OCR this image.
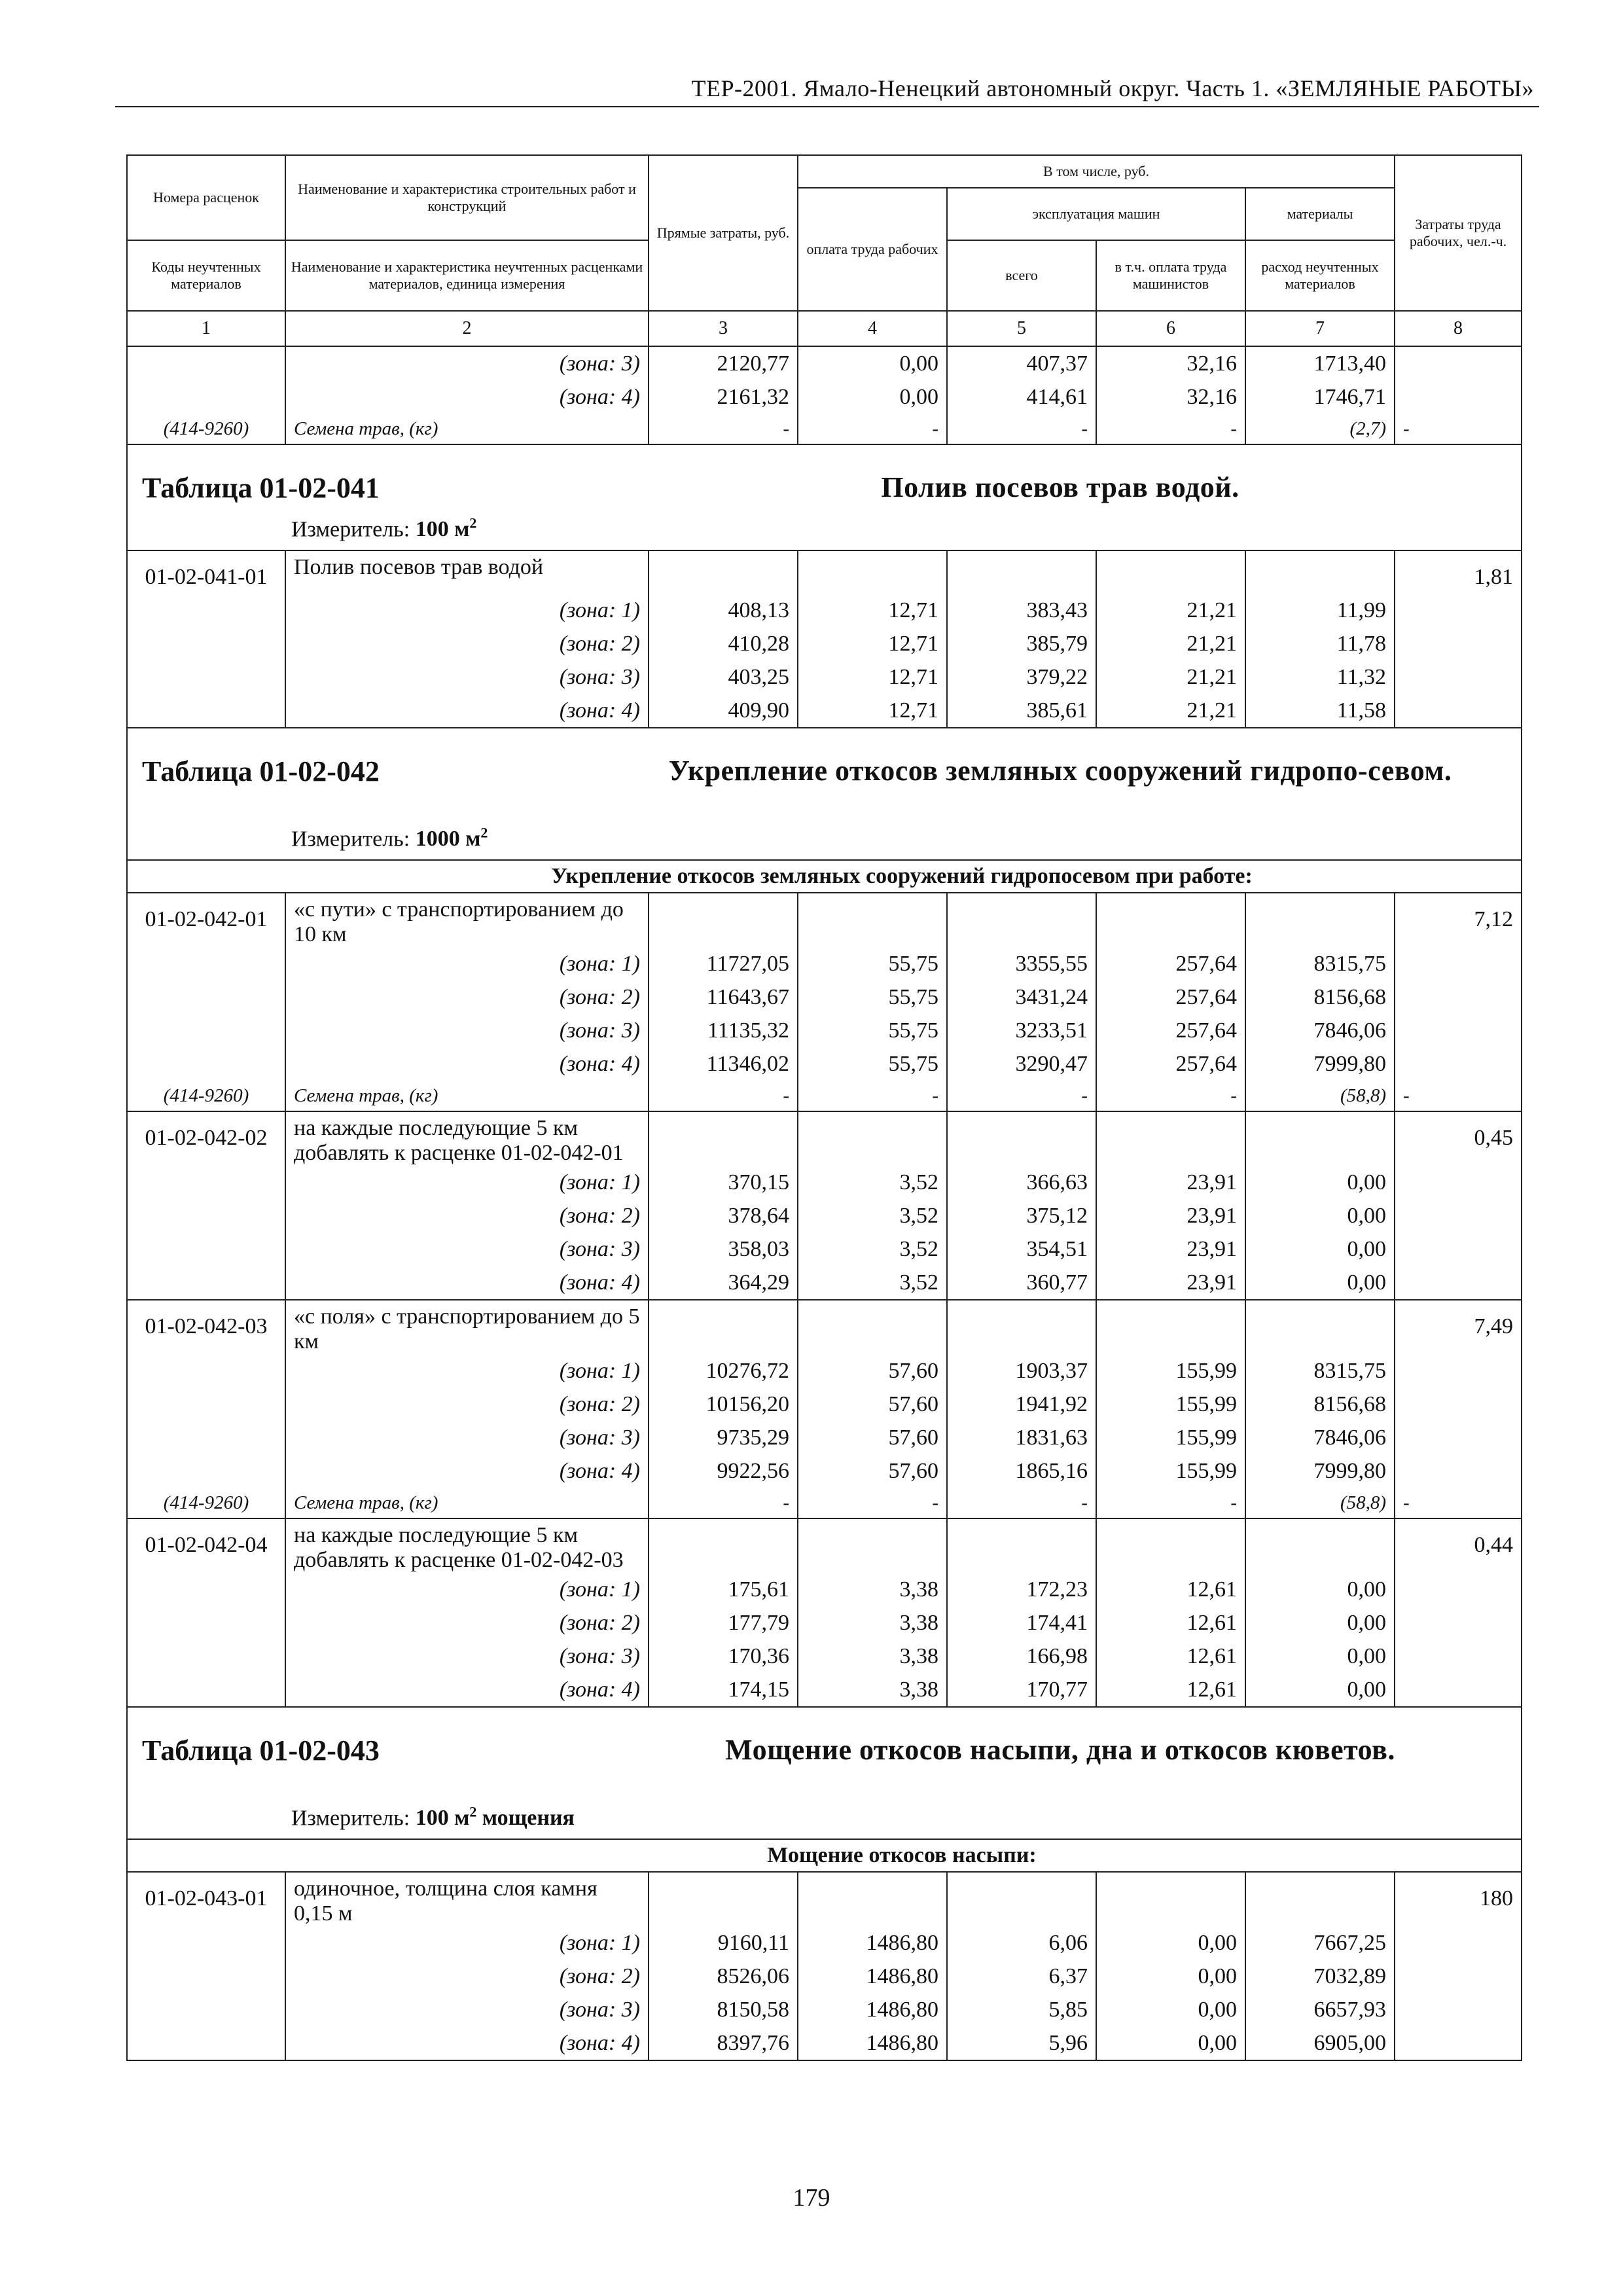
ТЕР-2001. Ямало-Ненецкий автономный округ. Часть 1. «ЗЕМЛЯНЫЕ РАБОТЫ»
Номера расценок	Наименование и характеристика строительных работ и конструкций	Прямые затраты, руб.	В том числе, руб.				Затраты труда рабочих, чел.-ч.
			оплата труда рабочих	эксплуатация машин		материалы	
Коды неучтенных материалов	Наименование и характеристика неучтенных расценками материалов, единица измерения			всего	в т.ч. оплата труда машинистов	расход неучтенных материалов	

1	2	3	4	5	6	7	8
	(зона: 3)	2120,77	0,00	407,37	32,16	1713,40	
	(зона: 4)	2161,32	0,00	414,61	32,16	1746,71	
(414-9260)	Семена трав, (кг)	-	-	-	-	(2,7)	-

Таблица 01-02-041 Полив посевов трав водой.
Измеритель: 100 $м^2$

01-02-041-01	Полив посевов трав водой						1,81
	(зона: 1)	408,13	12,71	383,43	21,21	11,99	
	(зона: 2)	410,28	12,71	385,79	21,21	11,78	
	(зона: 3)	403,25	12,71	379,22	21,21	11,32	
	(зона: 4)	409,90	12,71	385,61	21,21	11,58	

Таблица 01-02-042 Укрепление откосов земляных сооружений гидропо-севом.
Измеритель: 1000 $м^2$

Укрепление откосов земляных сооружений гидропосевом при работе:							
01-02-042-01	«с пути» с транспортированием до 10 км						7,12
	(зона: 1)	11727,05	55,75	3355,55	257,64	8315,75	
	(зона: 2)	11643,67	55,75	3431,24	257,64	8156,68	
	(зона: 3)	11135,32	55,75	3233,51	257,64	7846,06	
	(зона: 4)	11346,02	55,75	3290,47	257,64	7999,80	
(414-9260)	Семена трав, (кг)	-	-	-	-	(58,8)	-
01-02-042-02	на каждые последующие 5 км добавлять к расценке 01-02-042-01						0,45
	(зона: 1)	370,15	3,52	366,63	23,91	0,00	
	(зона: 2)	378,64	3,52	375,12	23,91	0,00	
	(зона: 3)	358,03	3,52	354,51	23,91	0,00	
	(зона: 4)	364,29	3,52	360,77	23,91	0,00	
01-02-042-03	«с поля» с транспортированием до 5 км						7,49
	(зона: 1)	10276,72	57,60	1903,37	155,99	8315,75	
	(зона: 2)	10156,20	57,60	1941,92	155,99	8156,68	
	(зона: 3)	9735,29	57,60	1831,63	155,99	7846,06	
	(зона: 4)	9922,56	57,60	1865,16	155,99	7999,80	
(414-9260)	Семена трав, (кг)	-	-	-	-	(58,8)	-
01-02-042-04	на каждые последующие 5 км добавлять к расценке 01-02-042-03						0,44
	(зона: 1)	175,61	3,38	172,23	12,61	0,00	
	(зона: 2)	177,79	3,38	174,41	12,61	0,00	
	(зона: 3)	170,36	3,38	166,98	12,61	0,00	
	(зона: 4)	174,15	3,38	170,77	12,61	0,00	

Таблица 01-02-043 Мощение откосов насыпи, дна и откосов кюветов.
Измеритель: 100 $м^2$ мощения							

Мощение откосов насыпи:							
01-02-043-01	одиночное, толщина слоя камня 0,15 м						180
	(зона: 1)	9160,11	1486,80	6,06	0,00	7667,25	
	(зона: 2)	8526,06	1486,80	6,37	0,00	7032,89	
	(зона: 3)	8150,58	1486,80	5,85	0,00	6657,93	
	(зона: 4)	8397,76	1486,80	5,96	0,00	6905,00	
179
